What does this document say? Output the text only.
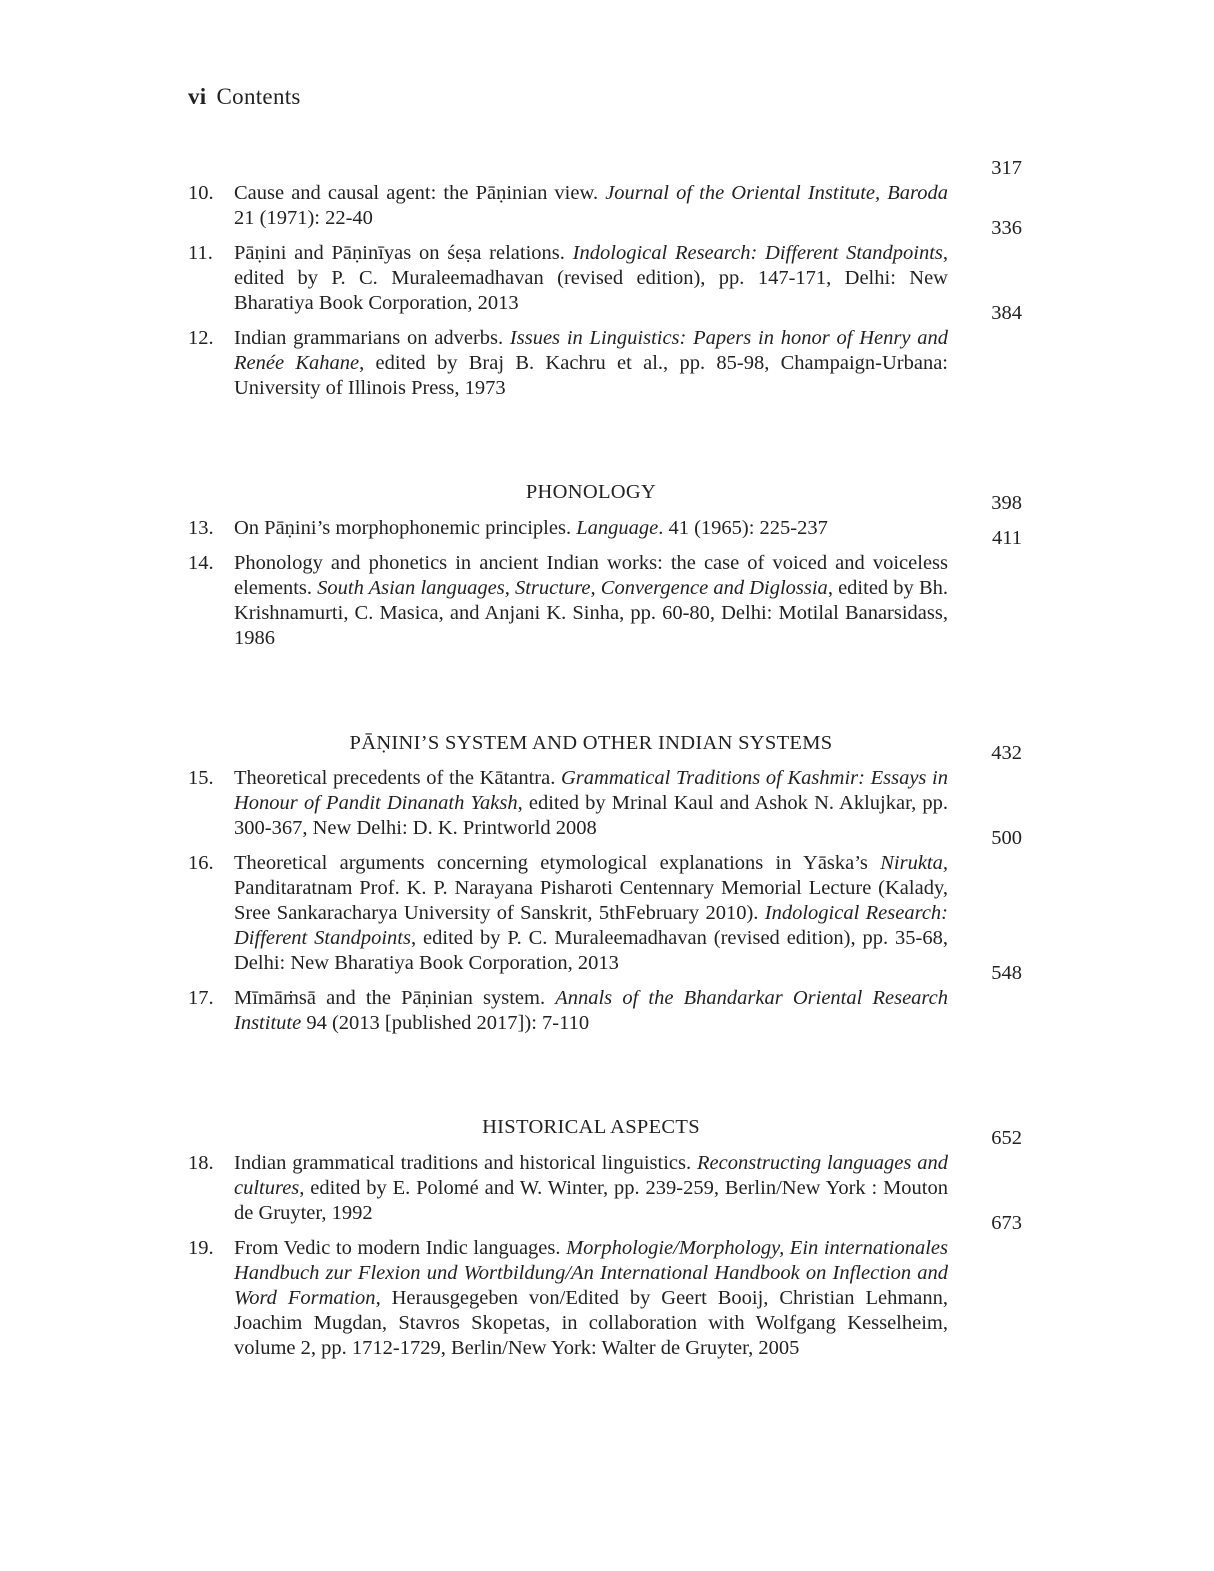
vi Contents
10. Cause and causal agent: the Pāṇinian view. Journal of the Oriental Institute, Baroda 21 (1971): 22-40
317
11.	Pāṇini and Pāṇinīyas on śeṣa relations. Indological Research: Different Standpoints, edited by P. C. Muraleemadhavan (revised edition), pp. 147-171, Delhi: New Bharatiya Book Corporation, 2013
336
12. Indian grammarians on adverbs. Issues in Linguistics: Papers in honor of Henry and Renée Kahane, edited by Braj B. Kachru et al., pp. 85-98, Champaign-Urbana: University of Illinois Press, 1973
384
PHONOLOGY
13. On Pāṇini’s morphophonemic principles. Language. 41 (1965): 225-237
398
14. Phonology and phonetics in ancient Indian works: the case of voiced and voiceless elements. South Asian languages, Structure, Convergence and Diglossia, edited by Bh. Krishnamurti, C. Masica, and Anjani K. Sinha, pp. 60-80, Delhi: Motilal Banarsidass, 1986
411
PĀṆINI’S SYSTEM AND OTHER INDIAN SYSTEMS
15. Theoretical precedents of the Kātantra. Grammatical Traditions of Kashmir: Essays in Honour of Pandit Dinanath Yaksh, edited by Mrinal Kaul and Ashok N. Aklujkar, pp. 300-367, New Delhi: D. K. Printworld 2008
432
16. Theoretical arguments concerning etymological explanations in Yāska’s Nirukta, Panditaratnam Prof. K. P. Narayana Pisharoti Centennary Memorial Lecture (Kalady, Sree Sankaracharya University of Sanskrit, 5thFebruary 2010). Indological Research: Different Standpoints, edited by P. C. Muraleemadhavan (revised edition), pp. 35-68, Delhi: New Bharatiya Book Corporation, 2013
500
17. Mīmāṁsā and the Pāṇinian system. Annals of the Bhandarkar Oriental Research Institute 94 (2013 [published 2017]): 7-110
548
HISTORICAL ASPECTS
18. Indian grammatical traditions and historical linguistics. Reconstructing languages and cultures, edited by E. Polomé and W. Winter, pp. 239-259, Berlin/New York : Mouton de Gruyter, 1992
652
19. From Vedic to modern Indic languages. Morphologie/Morphology, Ein internationales Handbuch zur Flexion und Wortbildung/An International Handbook on Inflection and Word Formation, Herausgegeben von/Edited by Geert Booij, Christian Lehmann, Joachim Mugdan, Stavros Skopetas, in collaboration with Wolfgang Kesselheim, volume 2, pp. 1712-1729, Berlin/New York: Walter de Gruyter, 2005
673
